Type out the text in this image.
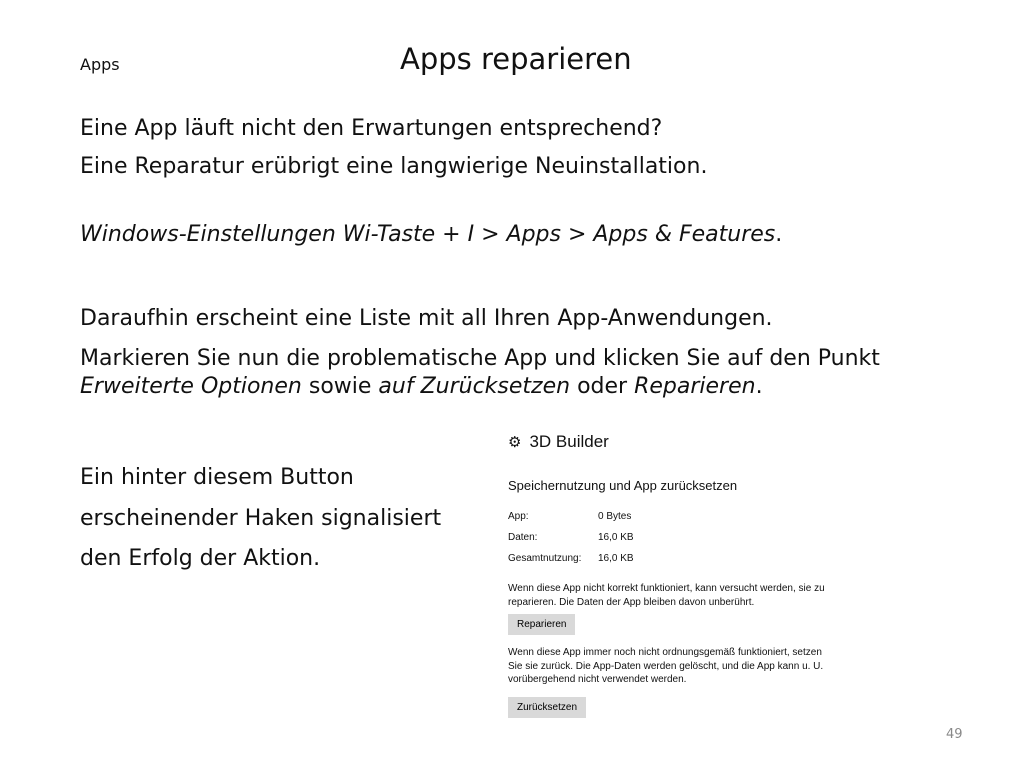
Apps	Apps reparieren
Eine App läuft nicht den Erwartungen entsprechend?
Eine Reparatur erübrigt eine langwierige Neuinstallation.
Windows-Einstellungen Wi-Taste + I > Apps > Apps & Features.
Daraufhin erscheint eine Liste mit all Ihren App-Anwendungen.
Markieren Sie nun die problematische App und klicken Sie auf den Punkt Erweiterte Optionen sowie auf Zurücksetzen oder Reparieren.
Ein hinter diesem Button
erscheinender Haken signalisiert
den Erfolg der Aktion.
⚙ 3D Builder
Speichernutzung und App zurücksetzen
App:	0 Bytes
Daten:	16,0 KB
Gesamtnutzung:	16,0 KB
Wenn diese App nicht korrekt funktioniert, kann versucht werden, sie zu reparieren. Die Daten der App bleiben davon unberührt.
Reparieren
Wenn diese App immer noch nicht ordnungsgemäß funktioniert, setzen Sie sie zurück. Die App-Daten werden gelöscht, und die App kann u. U. vorübergehend nicht verwendet werden.
Zurücksetzen
49
